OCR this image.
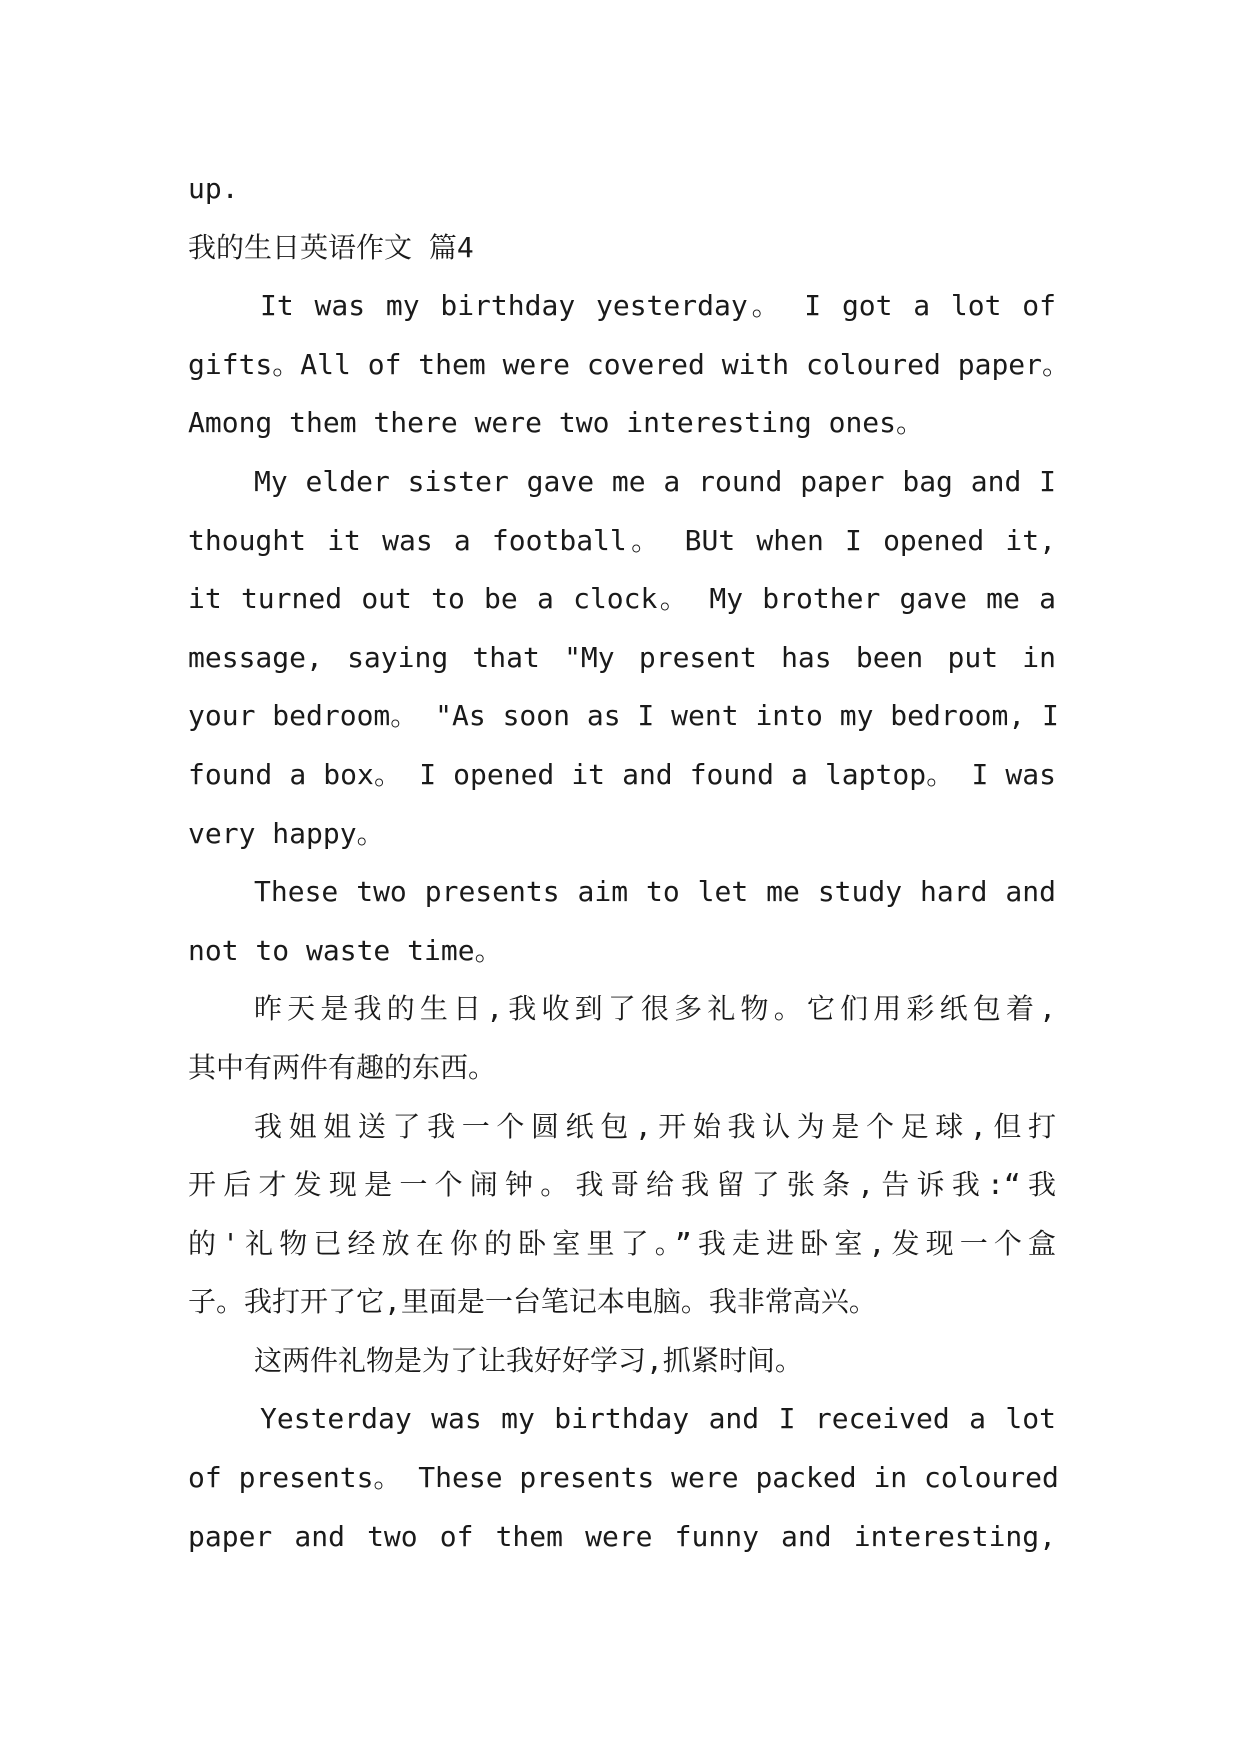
up.
我的生日英语作文 篇4
It was my birthday yesterday。 I got a lot of
gifts。All of them were covered with coloured paper。
Among them there were two interesting ones。
My elder sister gave me a round paper bag and I
thought it was a football。 BUt when I opened it,
it turned out to be a clock。 My brother gave me a
message, saying that "My present has been put in
your bedroom。 "As soon as I went into my bedroom, I
found a box。 I opened it and found a laptop。 I was
very happy。
These two presents aim to let me study hard and
not to waste time。
昨天是我的生日,我收到了很多礼物。它们用彩纸包着,
其中有两件有趣的东西。
我姐姐送了我一个圆纸包,开始我认为是个足球,但打
开后才发现是一个闹钟。我哥给我留了张条,告诉我:“我
的'礼物已经放在你的卧室里了。”我走进卧室,发现一个盒
子。我打开了它,里面是一台笔记本电脑。我非常高兴。
这两件礼物是为了让我好好学习,抓紧时间。
Yesterday was my birthday and I received a lot
of presents。 These presents were packed in coloured
paper and two of them were funny and interesting,
